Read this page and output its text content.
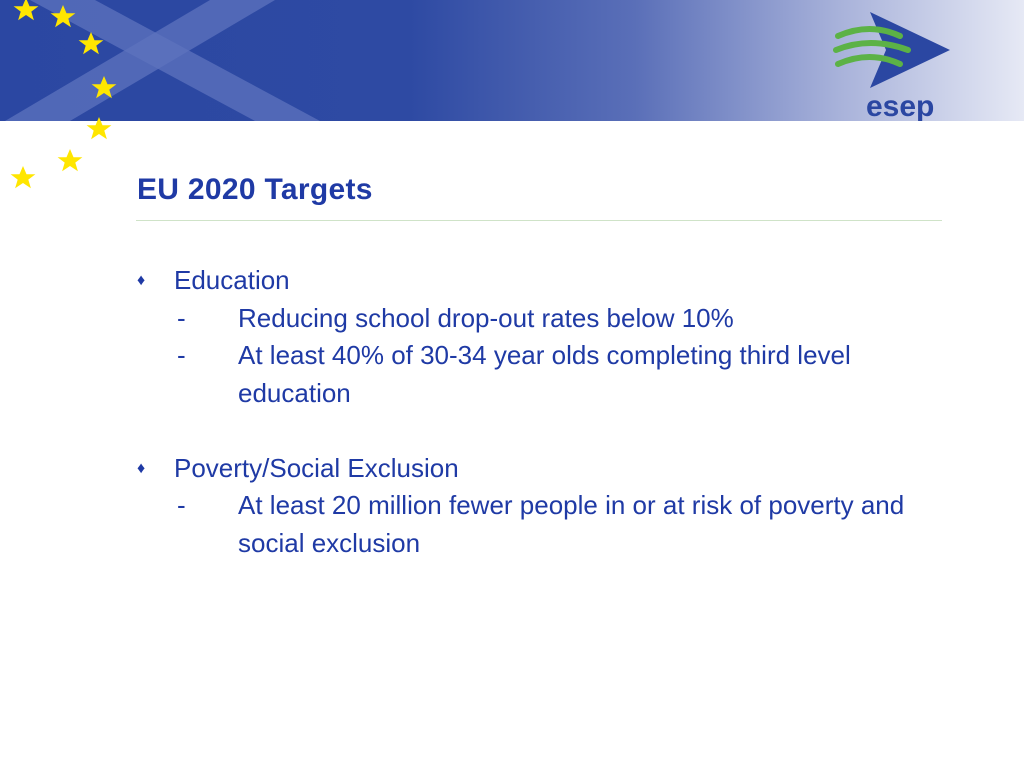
esep
EU 2020 Targets
♦ Education
- Reducing school drop-out rates below 10%
- At least 40% of 30-34 year olds completing third level education
♦ Poverty/Social Exclusion
- At least 20 million fewer people in or at risk of poverty and social exclusion
